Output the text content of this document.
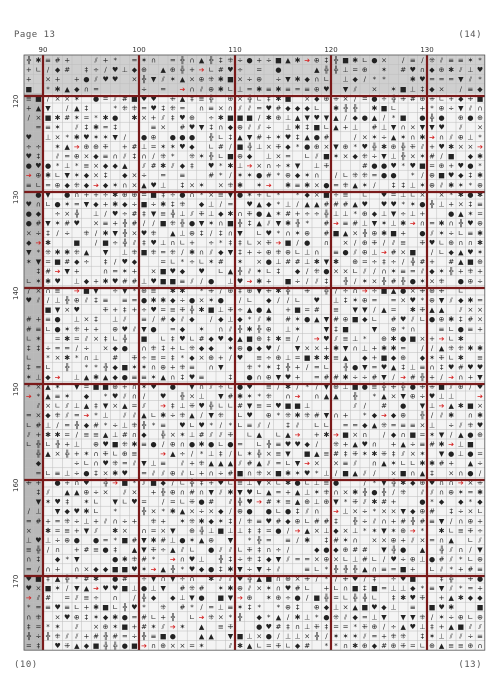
Page 13	(14)
90	100	110	120	130
120
130
140
150
160
170
╬ ✱ ≡ # +	⫽ + * = ✶ ∩ = ╬ ∩ ▲ ╬ ‡ ⁜ ÷ ● + ÷ ■ ▲ ✱ ➔ ⊕ ‡ ╬ ■ ✱ ∟ ● × ∕ ≡ ∕ ⁜ ⫽ ≡ ≡ ✶ *
+ ∟ ∕ ◆ # ‡ ÷ ∕ ♥ ⊥ ◆ ⊕ ▲ ⊕ ╬ + ➔ ∟ # ♥ ÷ = ●	▲ ╬ ╬ ⊥ = ⊕ ✶ # ♥ ∩ ◆ ⊕ ✱ ⫽ ⊥ ♥
+ × + + ● ⫽ ♥ ♥ × ╬ ▼ ⫽ ✶ ▲ × ⊕ ⁜ ✱ ■ × ÷ ⊕ ÷ ▼ ✱ ◆ ∩ ∟ ⊥ ◆ ∕ * *	✱ ♥ = = = ▼ ⫽ *
■ * ✱ ▲ ◆ ∩ =	÷ = ➔ ∩ ⫽ ⊕ ✱ ∟ ⊥ = ✱ ≡ ✱ ≡ = ≡ ⊕ ♥ ▼ ⫽ × ✶ ■ ⊥ ‡ ◆ × ∕ ≡ ◆
≡ ■ ∕ × × ✶ ● = ⫽ # ■ ♥ ♥ ⁜ ▲ ‡ ≡ ╬ ⊕ × ╬ ∟ ‡ ✱ ■ × ◆ ⊕ ⁜ × ∕ = ● ÷ ╬ ⁜ # ⊕ ⁜ ∟ + ◆ ⁜ ■
+ ▲ ▼ ∕ ▲ ‡	* ⁜ ⁜ = ♥ ‡ ⁜ = ∩ ≡ × ∩ ⫽ ⫽ = ♥ # ◆ ◆ ◆ ∟ ✱ ╬ ╬ ✱ ■ ∟	+ * ⊕ ÷ ▼ ⫽ ∩
∕ × ■ ✱ # ✶ = * ✱ ● ✱ × + ⫽ ‡ ♥ ⊕ ÷ ✱ ■ ■ ■ ∕ ✱ ⊕ ⊥ ▲ ▼ ♥ ▼ ▲ ∕ ◆ ● ▲ ∕ * ■ ● ╬ ● ⊕ ● ⊕
= ≡ ✶ ⫽ ‡ ✱ = ‡	≡ × # ♥ ▼ ‡ ∩ ◆ ⊕ ⫽ ⫽ ÷ ⊥ ✱ ‡ ■ ∟ ▲ + ⊥ # ⊥ ▼ ∩ × ▼ ▼ ♥ ⫽ ×
♥ ⊥ × * ✱ ♥ ✶ ✶ ▼ ∕ ● ⊕ ● ● ● ╬ ∟ ‡ ▲ ▼ # + ✶ ♥ ‡ ▲ ● #	∕ × ✶ ÷ ▲ ✶ ∩ ✱ ➔ ∩ ⫽ ⊕ ⊥ *
÷ ÷ ✶ ▲ ➔ ⊕ ⊕ ⁜ + # ⊥ = ✶ ✶ ♥ ◆ ∟ # ∕ ■ ╬ ⊥ × ⁜ ◆ * ● ⊕ × ▼ ⊕ * ♥ ╬ ✱ ⊕ ╬ ⁜ ⫽ + ♥ ✱ × × ➔
♥ ‡ ⫽ = ⊕ × ◆ ≡ ∩ ⫽ ‡ ∩ ∕ ⁜ * ⁜ ✶ ╬ ∟ ■ ⊕ ◆ ⊥ × = ∟ ⫽ ■ ✶ × ◆ ⁜ ÷ ▼ ⊥ ╬ × ✶ # ∕ ■ ◆ ✱
● ♥ ● * ⊥ * ≡ × ◆ ◆ ▲ ⫽ # ✱ ⫽ ◆ ‡ ♥ * ✱ ⊥ ➔ × ∩ ÷ ✶ ▼ ⊥ ⁜	# ● ● ♥ * ♥ ■ = ⊕ + ♥ ● *
➔ ⊕ ✱ ∟ ▼ ✶ ◆ × ‡ ◆ × ÷ = ≡	# * ∕ ✶ ✶ ● # * ⊕ ◆ ✶ ∩ ∕ ∟ ⁜ ⁜ = ● ● * ∕ ⊕ ■ ♥ ◆ ‡ ✱
≡ ∟ = ⊕ ◆ ⁜ ◆ ➔ ◆ ✶ ∩ × ▲ ♥ ⊥ ‡ × ✶ × ⁜ ✱ ✶ ➔ ✱ ≡ ✱ × ● = ⁜ ▲ ✶ ∕ ‡ ‡ ⊥ ✶ ⊕ ⫽ ✱ ✶ * ⊕
● ▼ ● ∩ + + ÷ ✱ ⊕ ⊕ = ■ ‡ ÷ ● ∩ * × ≡ ▼ ● ✶ + ∟ * * ◆ × ■ ÷ ≡ ∟ ♥ = ⊥ ∟ × × * ✱ ● ✱
♥ ∩ ∟ ● ✶ = ▼ ◆ + ✱ ◆ ÷ ■ ÷ ✱ ‡ ⁜ ◆ ⊥ ∕ = ♥ ▲ ◆ * ⊥ ∕ ▲ ▲ # # # ▲ ♥ ♥ ♥ * ✶ ● ╬ ⊥ + × ‡ ≡
● ◆ ÷ × ╬ ⊥ ∕ ♥ ÷ # ‡ ▼ ≡ ╬ ⊥ ⫽ ⁜ ⊥ ◆ ✱ ∩ ⁜ ● ▲ ✶ # + ÷ ÷ ╬ ⊥ ⊥ * ⊕ ◆ ⊥ ▼ ÷ ⊥ +	● ▲ ✶ =
● # ▼ ✶ # ♥ × ≡ + ╬ # ∕ ∕ ■ ⁜ ╬ ● ▼ ✶ ∩ ■ ╬ ‡ ▲ ⫽ ▼ ✱ ╬ * # ➔ ≡ # ⊥ ▼ ✶ ⊥ ✱ ➔ ∩ = ✱ ∩ ╬ ♥ ⊕
× ÷ ‡ ∕ ÷ ⁜ ∕ ✱ ▼ ╬ × ♥ ⁜ ▲ ⊥ ⊕ ‡ ∕ ‡ ∩ ▼ ∟ ♥ * ∩ ✶ ⊕ # ■ ▲ × ╬ ⊕ ✱ ■ + ● ⫽ ✶ ÷ ∟ ≡ ✱
◆ ➔ ✱	■ ∕ ■ ÷ ╬ ⫽ ‡ ♥ ⊥ ∩ ∟ + ÷ * ‡ ‡ ∟ × ⁜ ➔ ■ ∕ ● ∩ × ∕ ⊕ ⁜ ∕ ⫽ ≡ ⁜ ♥ ∟ ⊕ ∩ ∩ ✱
▼ * ⁜ ✱ ✱ ⁜ ▲ ▼ ⊥ ⁜ ■ ⁜ = ⁜ ∕ ✱ ∩ ⫽ ◆ ▼ ‡ + ÷ ⊕ ⁜ ⊕ ∟ ⊥ ∩ ≡ ● ⫽ ⊕ ⊥ ➔ # × ■ ∕ ∟ ◆ ▲ ♥ ✶
✶ ▼ = ■ # ◆ ÷ ‡ ∕ ♥ ◆	= ∟ * ÷ ∟ ✶ # ✶ × ● ⊥ # # ⊥ ✱ ▼ ✱ ⊕ = ÷ ‡ ÷ ∕ ╬ # + # ▲ ■ ⊕
‡ # ➔ ▼ +	∩ = ✶ + × ■ ♥ ◆ ♥ ∟ ▲ ╬ ⫽ ✶ ∟ ‡ ◆ ∕ ⁜ ● × × ∟ ⫽ ∕ ∩ ✶ ≡ = ⫽ ◆ ✶ ╬ + ⁜ +
∟ ✶ ✱ ♥ ⊥ ◆ + ✱ ♥ # # ⊥ ♥ ■ ■ ≡ ⫽ ∕ ● ⊥ ♥ ➔ ✱ + ■ ÷ ∕ ⫽ ‡ ╬ ∕ ✶ × ╬ # ╬ ● ✶ × ⁜ ● ⊕ ÷
∕ × ∩ ≡ ➔ ■ ▼ ÷ ▼ * ⊕ ≡ ✱ ✱ * ⁜ ∕ ⊕ ‡ ⊕ ▼ ⁜ ✱ ╬ ⁜ ╬ ∕ ÷ ∩ ➔ ÷ ■ ▲ ● × ⁜ ⊕ ⁜ ∟
♥ ⫽ ∕ ⊥ ╬ ⊕ ⫽ ‡ ≡ ≡ = ● ✱ ✱ ◆ ÷ ● × ✶ ● ∕ ∟ ◆ ∕ ∕ ∟ ♥ ⊥ ‡ ✶ ⊕ = = × ♥ * ⊕ ▼ ⫽ ◆ ✱ =
■ ▼ × ♥	⁜ + ‡ + ÷ ♥ = ≡ ⁜ ╬ ✱ ■ ⊥ ⁜ ÷ ▲ ● ▲ + ■ = # ≡ ▼ ▼ ∕ ▲ = ✱ ⁜ ▲ ▲ ⫽ × ×
# + ≡ ● ⊥ × ‡ ⊥ ⫽ ≡ ∕ # ◆ ⫽ ◆ ∕ ◆ ⊥ ◆ * ⫽ ✱ # ✶ ● ▲ ▼ # ⊕ ■ ◆ ∟ # ♥ ⫽ ∟ ● ⊕ ✱ ‡ # ×
# ≡ ∟ ● ✶ ⁜ + + ⊕ ♥ ⫽ ▼ ● = ◆ ✶ ∩ ⫽ ╬ ✱ ╬ ⊕ ⊥ ✶	▼ ‡ ■	▼ ⊕ * ∩	≡ ∟ ● ≡ +
∟ ✶ = ✱ = ⫽ × ‡ ∟ ╬ ■ ∟ ‡ ♥ ∟ # ◆ ♥ ◆ ▲ ■ ⊕ ‡ ✱ ≡ ∕ ➔ ♥ ⫽ ≡ ⊥ * ⊕ ✱ ● ■ × + ➔ ∟ ✱
‡ ‡ ÷ = = ∕ ÷ × ◆ ● ∩ ⁜ ‡ + ∟ ⁜ ◆ ◆ ✶ ⊕ ● ◆ ♥ ∕ ▼ × × + ✱ ▼ ∩ ⊥ + ✱ ✱ = ∕ ∕ ▲ ⁜ ⁜ ✱ ✱
∟ * × ✱ * ∩ ⊥ # ⁜ ÷ ≡ = ‡ * ◆ × ⊕ + ∕ ♥ ≡ ÷ ⊕ ⊥ = ■ ✱ ✱ ≡ ▲ ◆ + ■ ◆ ⊕ ◆ ✶ ⁜ ∟ ✱ ≡
‡ = ∟ ╬ * * ╬ ◆ ■ ✶ ✶ ∩ ⊕ + ⁜ ≡ ∩ ▼	⁜ * ✶ ‡ ╬ + ∕ = ∟ ╬ ● ▼ = ♥ ▲ ‡ ⊥ ≡ ∩ ‡ ♥ # ♥ ♥
✶ ⊥ ◆ ➔ ⊥ ▲ ✱ ▲ ◆ ● ≡ ≡ ✶ ▲ ∩ ‡ ♥ ≡	‡ ● ∩ ⊕ ▼ ♥ + = # # ✱ ÷ ÷ # ▼ ∕ ➔ # ╬ + ∕ ➔ ∩ + ▼
* × ▲ ✶ ▼ = ■ ■ ⊕ + ∩ ✶ ♥ ● ▼ ∩ ⫽ ÷ ∟ ● ♥ ≡ ∕ ✱ ∕ * ∕ ▼ ⊕ ⊥ ■ ● ≡ ╬ ⁜ ╬ ● ⁜ ⁜ ■ ⫽ ⊕ ∕ ♥
➔ * ▲ ≡ ✶ ◆ * ♥ ⫽ ∩ ∕ ♥ ╬ × ⊥ ▼ # ✱ ✶ * ⁜ ∩ ➔ ∩ ▲ ▲ ╬ * ▲ × ▼ ⊕ ÷ ♥ ⊥ ⊥	➔
⫽ × ∟ ⫽ ⊥ ▲ ‡ ▼ × ▲ = ⫽ ➔ ‡ ⊥ ⁜ ♥ ╬ ∟ ∟ # ▼ ≡ = ♥ ■ ■ ⊥	⫽ ∕ # ● ▼ ⊥ ➔ ▲ ✱ ■ ×
= × ◆ ⁜ ⫽ = ➔ * ⊥ ⫽ ⫽ ▲ ∟ ✱ ÷ ⁜ ▲ ∕ ▼ ⁜ ∟ ♥ ⊕ * ⁜ ✱ ⁜ # ▼ ∩ + * ◆ ➔ ◆ ⊕ ╬ ∕ ⫽ ✱ ∩ ✱
∟ # ⊥ ∕ = ╬ ◆ # * ÷ ⊥ ⁜ ╬ * ≡ ♥ ∟ ♥ * ∕ * ∟ ≡ ⫽ ∕ ‡ ⫽ ∟ ∟ = = ◆ ▲ ⁜ = ≡ ≡ × ⊥ ÷ ⫽ ⁜ ♥
⫽ + ✱ ✱ = ∕ ≡ ≡ ▲ ⊥ # ∩ ◆ ╬ × ✶ ⊥ # ⫽ ⫽ ⁜ ∟ ▲ ∟ ▲ ➔ + ✱ ➔ ■ × ∩ ∕ ◆ ∩ ■ = ✶ ▼ ∕ ▲ ● ⊕
∟ ╬ ∟ ╬ + ⊥ ⊕ ♥ ■ ⁜ ✱ ≡ ● ∕ ⊕ ∩ ● ✱ ● ∟ ● = ∟ ╬ ≡ ♥ ♥ ◆ ∕ ⁜ + ▲ ♥ ∩ + ▲ ÷ ≡ # ✱ ➔ ⊥ ■
╬ ▲ × ╬ + ✶ ∩ ⁜ ∟ ⊕ ≡	➔ ▲ ÷ ∕ * ⊥ ‡ ∕ ∟ ✶ ╬ × ≡ ▼ ■ ▲ ≡ # ‡ ⁜ ✶ ✱ ⁜ ‡ ⫽ × ✶ ▼ ● ⊥ ● =
◆	÷ ∟ ∩ ♥ ⁜ = ⫽ ▼ ⊥ ≡ ⫽ + ⁜ ▲ ▲ ▲ ⫽ # ▲ ⫽ = ∟ ▼ ➔ × × ≡ ⫽ ∩ ▲ ✶ ∟ ∟ ✱ ✱ # + ▲ ÷
= ∟ ≡ ⊥ ÷ ● ‡ × ✱ ♥ = ⫽ ⫽ ⊕ ⫽ ∟ + ∩ ÷ # ■ ∩ ⁜ × ■ ✱ ✶ ♥ * ⊥ ∕ ■ ▲ ⫽ ∕ × ■ ∩ ▲ ‡ × ∩ ● ∕
⁜ + ● + ∩ ♥ ╬ ➔ ■ * ⫽ ■ ◆ ∕ ∟ ╬ ‡ + ♥ ∟ ≡ ⊥ ▼ × ∟ ✱ ● ∟ ⊥ ≡ ●	∕ * ▼ ╬ ✱ ◆ ⊕ ♥ ∩ ∩ ➔ × ⁜
‡ ⫽ ▲ ▲ ⊕ ÷ × ⫽ × + ╬ ⊕ ∩ # ∩ ▼ ⫽ ✱ ▼ ♥ ∟ ▲ = + ▲ ⊥ ✶ ⁜ ∩ × ✱ ╬ ● ╬ ∕ ⁜ ⫽ ⫽ ∩ ⊕ ✶ = ✱
▼ ✶ ♥ ‡ ✶ ∟ ▼ ∟ ♥ = ∕ = ∟ ⁜ ● # ⫽ ╬ ♥ ➔ # ✶ ≡ ▲ ⊕ ⊥ ⊕ ▼ * ⁜ ⫽ ✱ # +	● * ◆ ◆ * ◆
∕ ⊥ ▼ ◆ ♥ ✱ ∟ *	╬ × * ✱ ▲ × ÷ × ◆ ∕ ⊕ ● ● ∟ ● ‡ ⫽ ∩ ➔ ⊥ × ÷ * × × ▼ ◆ ⊕ # ‡ ÷ × ∟
= # + = ⁜ ÷ ⊥ + ⫽ ∩ ÷ + ⁜ + ✶ ⁜ ✱ ◆ ✶ ‡ ∕ ⁜ ≡ ♥ # ◆ ⊕ ∟ # # ‡ ╬ ÷ ⫽ ∩ + # ╬ # ≡ ▼ ∕ ∩ ⊕ +
× ✱ = ≡ + ▼ ⫽ ✱ × ∩ = × ▼ ⊕ ╬ ⊥ ■ ⊥ ⊥ ‡ ‡ = ● ∕ ➔ ▲ × ⊥ ◆ × ⊥ * ✶ ▼ ✶ ⊕ ➔ * ✱ ∟ ≡ ⁜ ÷
⊥ ♥ ⊥ ÷ ⊕ ● ● = * ■ # ▼ ✱ # ⊥ ● ✶ ▲ ⊕ ▼ * ╬ = ≡ ∕ ✱ ‡ # ✶ ∩ × × ⊕ + ⫽ × = ∩ ▲ ∟ ⫽
≡ ╬ ∕ ∩ + # ≡ ● ‡ ▲ ▼ ⁜ ÷ ▲ ⫽ ∟ ● ⫽ ⫽ ∟ ⁜ ‡ ∩ ÷ ∕	◆ ● ◆ ⊕ # # ▼ ╬ ● ▲ ╬ ⫽ ∩ ∕ ▼
∩ ‡ ◆ * ▼	● ✱ ⁜ # * ➔ ∩ ♥ ⊥ ╬ ‡ ÷ ⁜ ‡ ◆ ▼ ⫽ = = × ⊕ × ∟ ⊥ # ∟ ∕ ♥ ÷ ⊕ ⊥ ● # ⫽ * ∟ ⊕
= ∕ ∩ + ∩ × ◆ ◆ ■ ■ ♥ ✶ ➔ ▲ ╬ * ♥ ◆ ● ‡ ✱ ▼ ÷ ▼ + ⫽	≡ ∟ * ╬ ╬ ╬ ▲ ∩ ≡ = ■ + ∟ ⫽ * + # ≡
♥ ■ ‡ ▲ ╬ * # ✱ ● # ÷ ▼ ∩ ▼ ÷ ∩ ✱ ⫽ ⫽ ♥ ╬ ▲ ■ ∩ ⊕ × ⁜ ∕ * ∕ ⁜ ♥ ∕ ‡ ÷ ♥ ■	‡ ╬ ⁜ ●
♥ × ■ ✶ ∕ ▼ ▲ ➔ ♥ ♥ ■ ⊥ ● ⊥ ▼ # ⁜ # ✶ ✱ ⊕ ⫽ × ✶ ∩ ♥ # ∟ + ∟ ∩ ■ ‡ ■ = ⊥ ⊥ ◆ * ≡ ▼ ⫽ * = +
➔ ⫽ # = ⫽ ≡ ÷ ∩ ∕ ╬ ◆ ◆ ⊥ ▼ ● ■ ▼ ➔ ⊕ ✶ ⊕ ÷ ● ∕ ■ ╬ = ∟ ╬ ╬ ∟ ‡ ✱ ♥ ⁜ + ▲ ✱ ◆ ◆
* = ≡ ♥ ≡ ∟ + ✱ ■ ∟ ╬ ♥ * ⁜ # * ∕ = ⊥ ≡ ✶ ‡ * * ⊕ ‡ ⊕ ◆ ⊥ × ▲ ■ ♥ ◆ ⊥ ≡ ■ ♥ ✱	■
∩ ⁜ × ♥ ⊕ ‡ ✶ ◆ ✱ ● = # ∟ + ╬ ∟ ➔ ⁜ × * ╬ ◆ * ▲ ∕ ✱ ⊥ * ● ⁜ ⫽ ◆ = ⊥ ▼ ▼ ▼ ⁜ ∕ ✶ ÷ ⊕ ∟ ⊕
‡ = * ✶ ⫽ × ⊕ ✶ ■ + # ✶ ⫽ ➔ ✶ ▲ ≡ ⁜	● ♥ # ‡ ∩ ⊥ ⁜ ‡ = = * ⁜ ⊕ ∕ ÷ ▲ ♥ ⊥ ‡ + ▲ ■ ⫽ ⫽
╬ ÷ ╬ ⁜ ⫽ ⫽ + # ╬ # = ÷ ╬ ≡ ■ ●	▲ ▲ ▼ ■ ⊥ × ● ∕ ⊥ ⊥ × ╬ ∕ ✶ ✶ ✶ ⫽ = + ⁜ ⁜ ‡ ✶ ⊥ ⫽ ⫽ ÷ ≡
= ‡ ♥ ⁜ ▲ ◆ ■ ╬ ╬ ● ■ ➔ ∩ ⊕ × × = ✶	⫽ ✱ ▲ ∟ = ⁜ ∟ ◆ # * * ∩ ✱ ⊕ ◆ # ⊕ ⁜ = ∟ ⊕ ▲ ≡ ≡ ⊕ ∩
(10)	(13)
